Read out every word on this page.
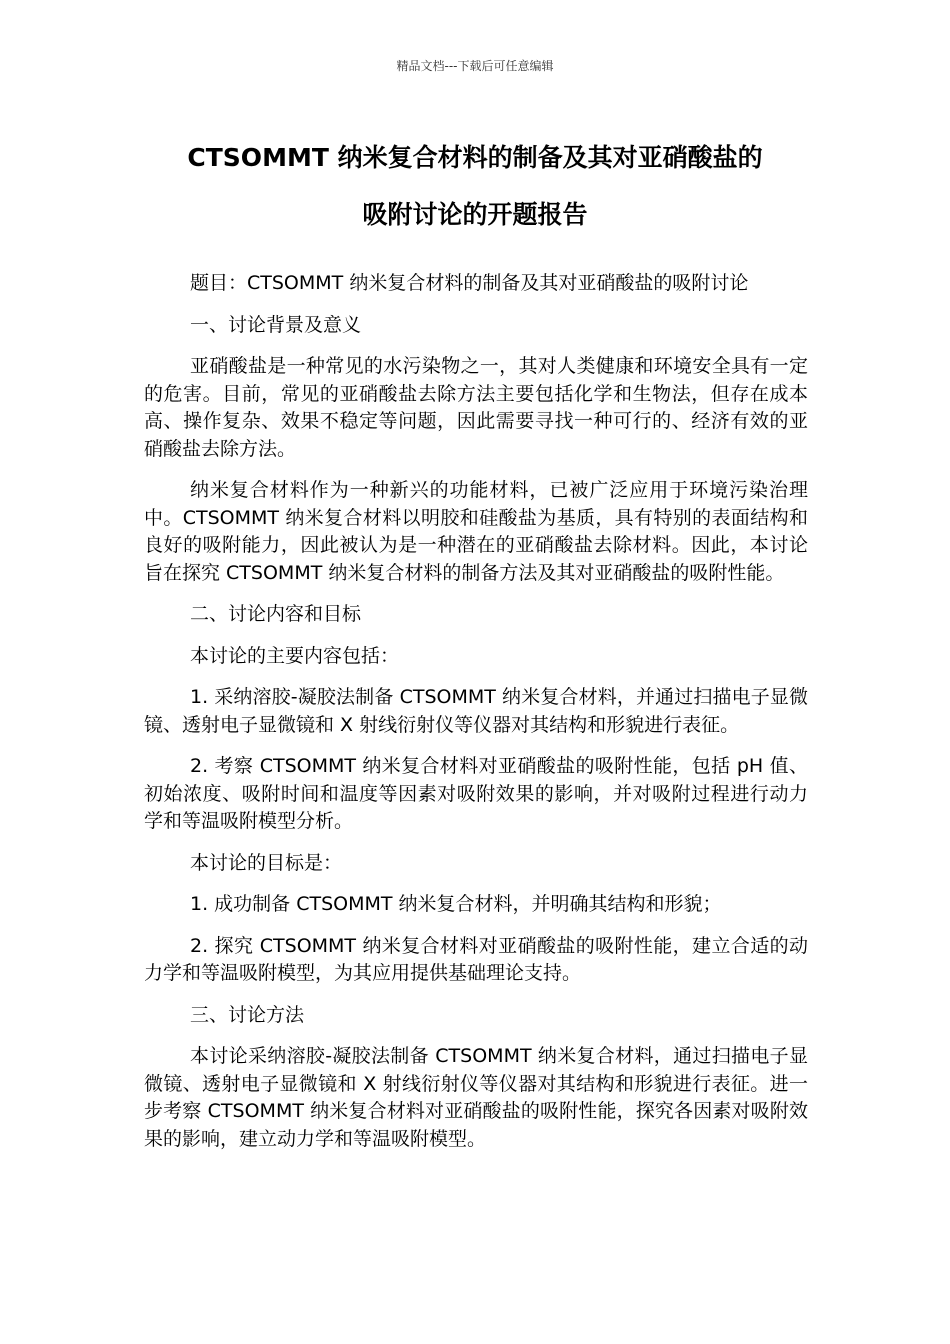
精品文档---下载后可任意编辑
CTSOMMT 纳米复合材料的制备及其对亚硝酸盐的
吸附讨论的开题报告

题目：CTSOMMT 纳米复合材料的制备及其对亚硝酸盐的吸附讨论

一、讨论背景及意义

亚硝酸盐是一种常见的水污染物之一，其对人类健康和环境安全具有一定的危害。目前，常见的亚硝酸盐去除方法主要包括化学和生物法，但存在成本高、操作复杂、效果不稳定等问题，因此需要寻找一种可行的、经济有效的亚硝酸盐去除方法。

纳米复合材料作为一种新兴的功能材料，已被广泛应用于环境污染治理中。CTSOMMT 纳米复合材料以明胶和硅酸盐为基质，具有特别的表面结构和良好的吸附能力，因此被认为是一种潜在的亚硝酸盐去除材料。因此，本讨论旨在探究 CTSOMMT 纳米复合材料的制备方法及其对亚硝酸盐的吸附性能。

二、讨论内容和目标

本讨论的主要内容包括：

1. 采纳溶胶-凝胶法制备 CTSOMMT 纳米复合材料，并通过扫描电子显微镜、透射电子显微镜和 X 射线衍射仪等仪器对其结构和形貌进行表征。

2. 考察 CTSOMMT 纳米复合材料对亚硝酸盐的吸附性能，包括 pH 值、初始浓度、吸附时间和温度等因素对吸附效果的影响，并对吸附过程进行动力学和等温吸附模型分析。

本讨论的目标是：

1. 成功制备 CTSOMMT 纳米复合材料，并明确其结构和形貌；

2. 探究 CTSOMMT 纳米复合材料对亚硝酸盐的吸附性能，建立合适的动力学和等温吸附模型，为其应用提供基础理论支持。

三、讨论方法

本讨论采纳溶胶-凝胶法制备 CTSOMMT 纳米复合材料，通过扫描电子显微镜、透射电子显微镜和 X 射线衍射仪等仪器对其结构和形貌进行表征。进一步考察 CTSOMMT 纳米复合材料对亚硝酸盐的吸附性能，探究各因素对吸附效果的影响，建立动力学和等温吸附模型。
